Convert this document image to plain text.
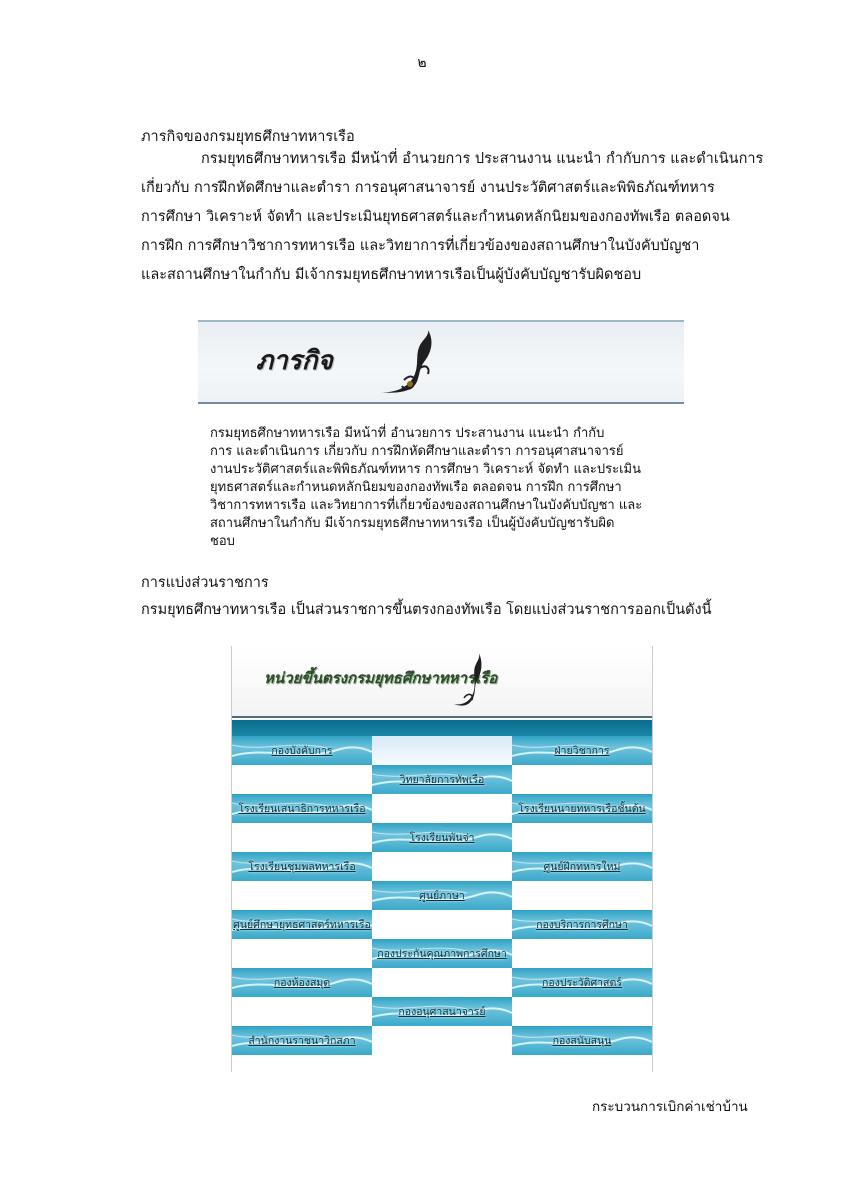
๒
ภารกิจของกรมยุทธศึกษาทหารเรือ
กรมยุทธศึกษาทหารเรือ มีหน้าที่ อำนวยการ ประสานงาน แนะนำ กำกับการ และดำเนินการ
เกี่ยวกับ การฝึกหัดศึกษาและตำรา การอนุศาสนาจารย์ งานประวัติศาสตร์และพิพิธภัณฑ์ทหาร
การศึกษา วิเคราะห์ จัดทำ และประเมินยุทธศาสตร์และกำหนดหลักนิยมของกองทัพเรือ ตลอดจน
การฝึก การศึกษาวิชาการทหารเรือ และวิทยาการที่เกี่ยวข้องของสถานศึกษาในบังคับบัญชา
และสถานศึกษาในกำกับ มีเจ้ากรมยุทธศึกษาทหารเรือเป็นผู้บังคับบัญชารับผิดชอบ
ภารกิจ
กรมยุทธศึกษาทหารเรือ มีหน้าที่ อำนวยการ ประสานงาน แนะนำ กำกับ
การ และดำเนินการ เกี่ยวกับ การฝึกหัดศึกษาและตำรา การอนุศาสนาจารย์
งานประวัติศาสตร์และพิพิธภัณฑ์ทหาร การศึกษา วิเคราะห์ จัดทำ และประเมิน
ยุทธศาสตร์และกำหนดหลักนิยมของกองทัพเรือ ตลอดจน การฝึก การศึกษา
วิชาการทหารเรือ และวิทยาการที่เกี่ยวข้องของสถานศึกษาในบังคับบัญชา และ
สถานศึกษาในกำกับ มีเจ้ากรมยุทธศึกษาทหารเรือ เป็นผู้บังคับบัญชารับผิด
ชอบ
การแบ่งส่วนราชการ
กรมยุทธศึกษาทหารเรือ เป็นส่วนราชการขึ้นตรงกองทัพเรือ โดยแบ่งส่วนราชการออกเป็นดังนี้
หน่วยขึ้นตรงกรมยุทธศึกษาทหารเรือ
กองบังคับการ	ฝ่ายวิชาการ
วิทยาลัยการทัพเรือ
โรงเรียนเสนาธิการทหารเรือ	โรงเรียนนายทหารเรือชั้นต้น
โรงเรียนพันจ่า
โรงเรียนชุมพลทหารเรือ	ศูนย์ฝึกทหารใหม่
ศูนย์ภาษา
ศูนย์ศึกษายุทธศาสตร์ทหารเรือ	กองบริการการศึกษา
กองประกันคุณภาพการศึกษา
กองห้องสมุด	กองประวัติศาสตร์
กองอนุศาสนาจารย์
สำนักงานราชนาวิกสภา	กองสนับสนุน
กระบวนการเบิกค่าเช่าบ้าน
